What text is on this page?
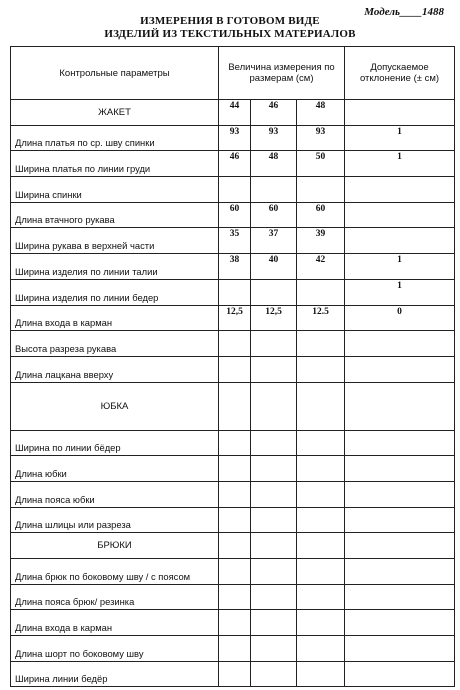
Модель____1488
ИЗМЕРЕНИЯ В ГОТОВОМ ВИДЕ
ИЗДЕЛИЙ ИЗ ТЕКСТИЛЬНЫХ МАТЕРИАЛОВ
Контрольные параметры	Величина измерения по размерам (см)			Допускаемое отклонение (± см)
ЖАКЕТ	44	46	48	
Длина платья по ср. шву спинки	93	93	93	1
Ширина платья по линии груди	46	48	50	1
Ширина спинки				
Длина втачного рукава	60	60	60	
Ширина рукава в верхней части	35	37	39	
Ширина изделия по линии талии	38	40	42	1
Ширина изделия по линии бедер				1
Длина входа в карман	12,5	12,5	12.5	0
Высота разреза рукава				
Длина лацкана вверху				
ЮБКА				
Ширина по линии бёдер				
Длина юбки				
Длина пояса юбки				
Длина шлицы или разреза				
БРЮКИ				
Длина брюк по боковому шву / с поясом				
Длина пояса брюк/ резинка				
Длина входа в карман				
Длина шорт по боковому шву				
Ширина линии бедёр				
